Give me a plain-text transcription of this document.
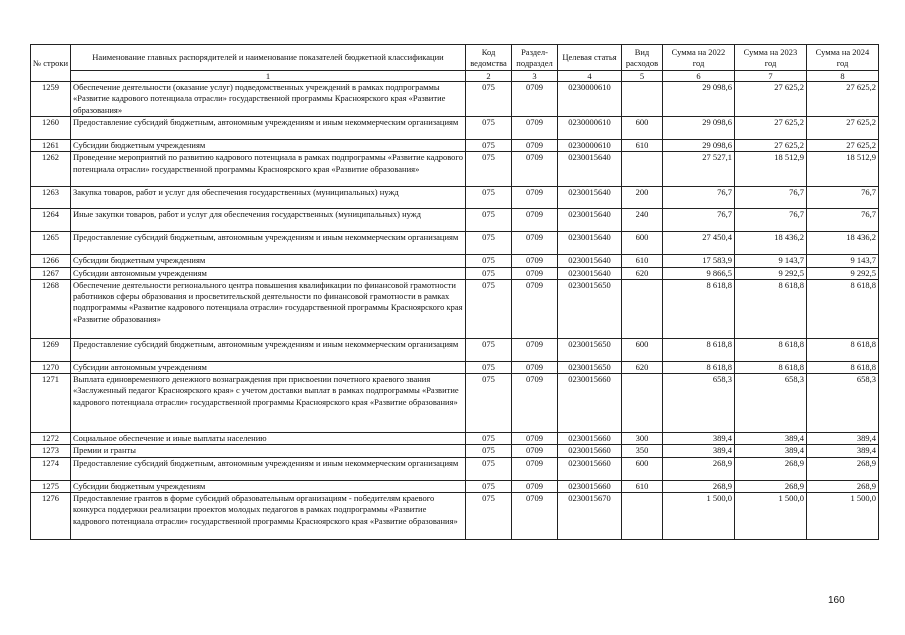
№ строки	Наименование главных распорядителей и наименование показателей бюджетной классификации	Код ведомства	Раздел-подраздел	Целевая статья	Вид расходов	Сумма на 2022 год	Сумма на 2023 год	Сумма на 2024 год
	1	2	3	4	5	6	7	8
1259	Обеспечение деятельности (оказание услуг) подведомственных учреждений в рамках подпрограммы «Развитие кадрового потенциала отрасли» государственной программы Красноярского края «Развитие образования»	075	0709	0230000610		29 098,6	27 625,2	27 625,2
1260	Предоставление субсидий бюджетным, автономным учреждениям и иным некоммерческим организациям	075	0709	0230000610	600	29 098,6	27 625,2	27 625,2
1261	Субсидии бюджетным учреждениям	075	0709	0230000610	610	29 098,6	27 625,2	27 625,2
1262	Проведение мероприятий по развитию кадрового потенциала в рамках подпрограммы «Развитие кадрового потенциала отрасли» государственной программы Красноярского края «Развитие образования»	075	0709	0230015640		27 527,1	18 512,9	18 512,9
1263	Закупка товаров, работ и услуг для обеспечения государственных (муниципальных) нужд	075	0709	0230015640	200	76,7	76,7	76,7
1264	Иные закупки товаров, работ и услуг для обеспечения государственных (муниципальных) нужд	075	0709	0230015640	240	76,7	76,7	76,7
1265	Предоставление субсидий бюджетным, автономным учреждениям и иным некоммерческим организациям	075	0709	0230015640	600	27 450,4	18 436,2	18 436,2
1266	Субсидии бюджетным учреждениям	075	0709	0230015640	610	17 583,9	9 143,7	9 143,7
1267	Субсидии автономным учреждениям	075	0709	0230015640	620	9 866,5	9 292,5	9 292,5
1268	Обеспечение деятельности регионального центра повышения квалификации по финансовой грамотности работников сферы образования и просветительской деятельности по финансовой грамотности в рамках подпрограммы «Развитие кадрового потенциала отрасли» государственной программы Красноярского края «Развитие образования»	075	0709	0230015650		8 618,8	8 618,8	8 618,8
1269	Предоставление субсидий бюджетным, автономным учреждениям и иным некоммерческим организациям	075	0709	0230015650	600	8 618,8	8 618,8	8 618,8
1270	Субсидии автономным учреждениям	075	0709	0230015650	620	8 618,8	8 618,8	8 618,8
1271	Выплата единовременного денежного вознаграждения при присвоении почетного краевого звания «Заслуженный педагог Красноярского края» с учетом доставки выплат в рамках подпрограммы «Развитие кадрового потенциала отрасли» государственной программы Красноярского края «Развитие образования»	075	0709	0230015660		658,3	658,3	658,3
1272	Социальное обеспечение и иные выплаты населению	075	0709	0230015660	300	389,4	389,4	389,4
1273	Премии и гранты	075	0709	0230015660	350	389,4	389,4	389,4
1274	Предоставление субсидий бюджетным, автономным учреждениям и иным некоммерческим организациям	075	0709	0230015660	600	268,9	268,9	268,9
1275	Субсидии бюджетным учреждениям	075	0709	0230015660	610	268,9	268,9	268,9
1276	Предоставление грантов в форме субсидий образовательным организациям - победителям краевого конкурса поддержки реализации проектов молодых педагогов в рамках подпрограммы «Развитие кадрового потенциала отрасли» государственной программы Красноярского края «Развитие образования»	075	0709	0230015670		1 500,0	1 500,0	1 500,0
160
